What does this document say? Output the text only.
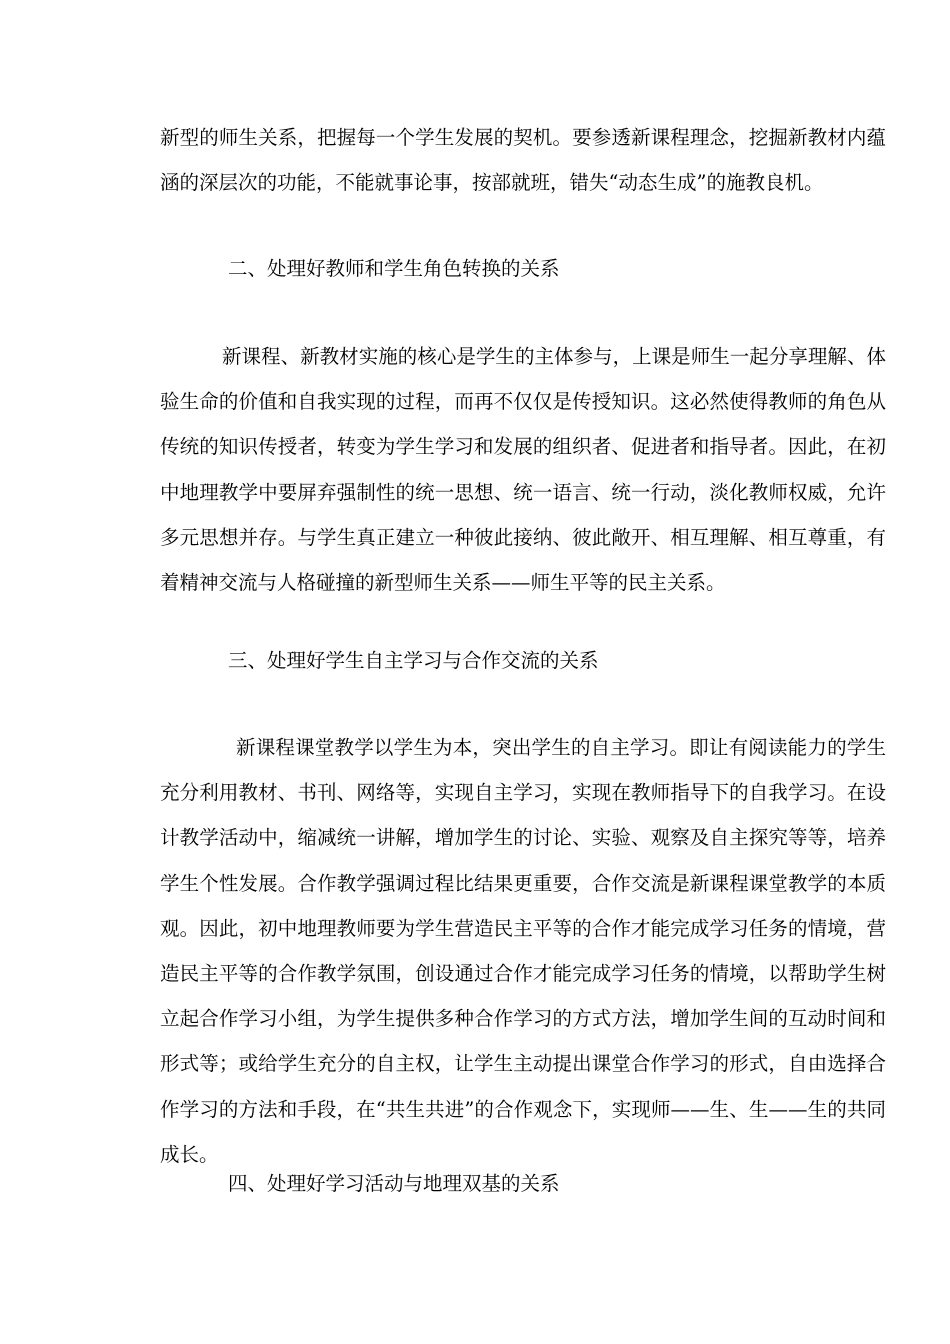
新型的师生关系，把握每一个学生发展的契机。要参透新课程理念，挖掘新教材内蕴涵的深层次的功能，不能就事论事，按部就班，错失“动态生成”的施教良机。

二、处理好教师和学生角色转换的关系

新课程、新教材实施的核心是学生的主体参与，上课是师生一起分享理解、体验生命的价值和自我实现的过程，而再不仅仅是传授知识。这必然使得教师的角色从传统的知识传授者，转变为学生学习和发展的组织者、促进者和指导者。因此，在初中地理教学中要屏弃强制性的统一思想、统一语言、统一行动，淡化教师权威，允许多元思想并存。与学生真正建立一种彼此接纳、彼此敞开、相互理解、相互尊重，有着精神交流与人格碰撞的新型师生关系——师生平等的民主关系。

三、处理好学生自主学习与合作交流的关系

新课程课堂教学以学生为本，突出学生的自主学习。即让有阅读能力的学生充分利用教材、书刊、网络等，实现自主学习，实现在教师指导下的自我学习。在设计教学活动中，缩减统一讲解，增加学生的讨论、实验、观察及自主探究等等，培养学生个性发展。合作教学强调过程比结果更重要，合作交流是新课程课堂教学的本质观。因此，初中地理教师要为学生营造民主平等的合作才能完成学习任务的情境，营造民主平等的合作教学氛围，创设通过合作才能完成学习任务的情境，以帮助学生树立起合作学习小组，为学生提供多种合作学习的方式方法，增加学生间的互动时间和形式等；或给学生充分的自主权，让学生主动提出课堂合作学习的形式，自由选择合作学习的方法和手段，在“共生共进”的合作观念下，实现师——生、生——生的共同成长。

四、处理好学习活动与地理双基的关系
